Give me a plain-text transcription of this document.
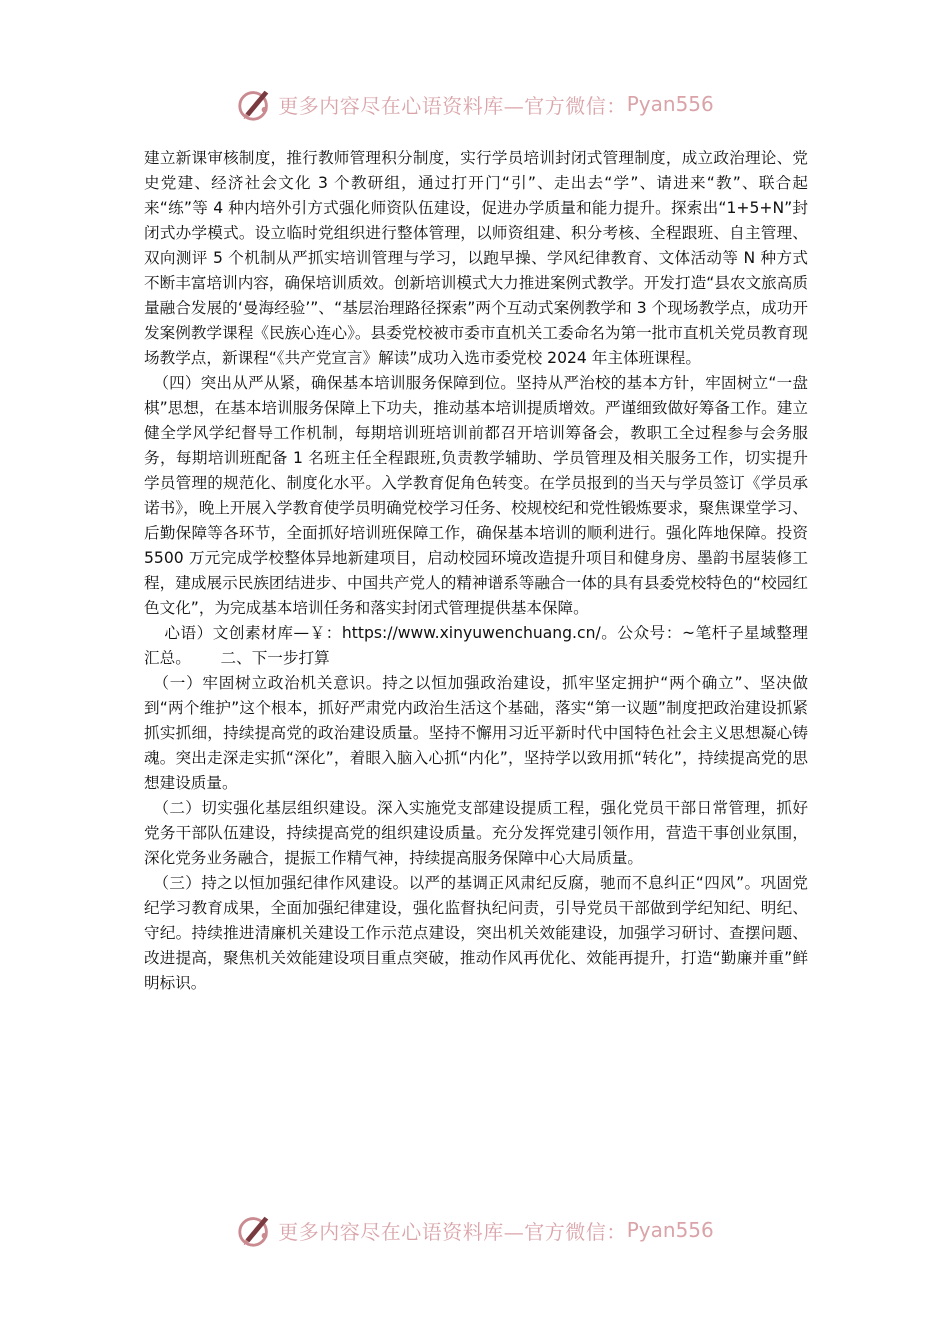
更多内容尽在心语资料库—官方微信： Pyan556

建立新课审核制度，推行教师管理积分制度，实行学员培训封闭式管理制度，成立政治理论、党史党建、经济社会文化 3 个教研组，通过打开门“引”、走出去“学”、请进来“教”、联合起来“练”等 4 种内培外引方式强化师资队伍建设，促进办学质量和能力提升。探索出“1+5+N”封闭式办学模式。设立临时党组织进行整体管理，以师资组建、积分考核、全程跟班、自主管理、双向测评 5 个机制从严抓实培训管理与学习，以跑早操、学风纪律教育、文体活动等 N 种方式不断丰富培训内容，确保培训质效。创新培训模式大力推进案例式教学。开发打造“县农文旅高质量融合发展的‘曼海经验’”、“基层治理路径探索”两个互动式案例教学和 3 个现场教学点，成功开发案例教学课程《民族心连心》。县委党校被市委市直机关工委命名为第一批市直机关党员教育现场教学点，新课程“《共产党宣言》解读”成功入选市委党校 2024 年主体班课程。

（四）突出从严从紧，确保基本培训服务保障到位。坚持从严治校的基本方针，牢固树立“一盘棋”思想，在基本培训服务保障上下功夫，推动基本培训提质增效。严谨细致做好筹备工作。建立健全学风学纪督导工作机制，每期培训班培训前都召开培训筹备会，教职工全过程参与会务服务，每期培训班配备 1 名班主任全程跟班,负责教学辅助、学员管理及相关服务工作，切实提升学员管理的规范化、制度化水平。入学教育促角色转变。在学员报到的当天与学员签订《学员承诺书》，晚上开展入学教育使学员明确党校学习任务、校规校纪和党性锻炼要求，聚焦课堂学习、后勤保障等各环节，全面抓好培训班保障工作，确保基本培训的顺利进行。强化阵地保障。投资 5500 万元完成学校整体异地新建项目，启动校园环境改造提升项目和健身房、墨韵书屋装修工程，建成展示民族团结进步、中国共产党人的精神谱系等融合一体的具有县委党校特色的“校园红色文化”，为完成基本培训任务和落实封闭式管理提供基本保障。

心语）文创素材库—￥：https://www.xinyuwenchuang.cn/。公众号：~笔杆子星域整理汇总。      二、下一步打算

（一）牢固树立政治机关意识。持之以恒加强政治建设，抓牢坚定拥护“两个确立”、坚决做到“两个维护”这个根本，抓好严肃党内政治生活这个基础，落实“第一议题”制度把政治建设抓紧抓实抓细，持续提高党的政治建设质量。坚持不懈用习近平新时代中国特色社会主义思想凝心铸魂。突出走深走实抓“深化”，着眼入脑入心抓“内化”，坚持学以致用抓“转化”，持续提高党的思想建设质量。

（二）切实强化基层组织建设。深入实施党支部建设提质工程，强化党员干部日常管理，抓好党务干部队伍建设，持续提高党的组织建设质量。充分发挥党建引领作用，营造干事创业氛围，深化党务业务融合，提振工作精气神，持续提高服务保障中心大局质量。

（三）持之以恒加强纪律作风建设。以严的基调正风肃纪反腐，驰而不息纠正“四风”。巩固党纪学习教育成果，全面加强纪律建设，强化监督执纪问责，引导党员干部做到学纪知纪、明纪、守纪。持续推进清廉机关建设工作示范点建设，突出机关效能建设，加强学习研讨、查摆问题、改进提高，聚焦机关效能建设项目重点突破，推动作风再优化、效能再提升，打造“勤廉并重”鲜明标识。

更多内容尽在心语资料库—官方微信： Pyan556
